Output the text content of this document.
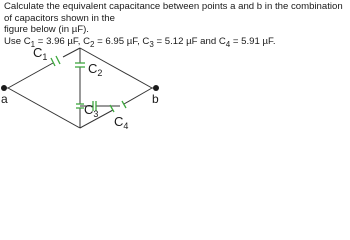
Calculate the equivalent capacitance between points a and b in the combination of capacitors shown in the

figure below (in µF).

Use $C_1 = 3.96$ µF, $C_2 = 6.95$ µF, $C_3 = 5.12$ µF and $C_4 = 5.91$ µF.

a	b
$C_1$
$C_2$
$C_3$ $C_4$
